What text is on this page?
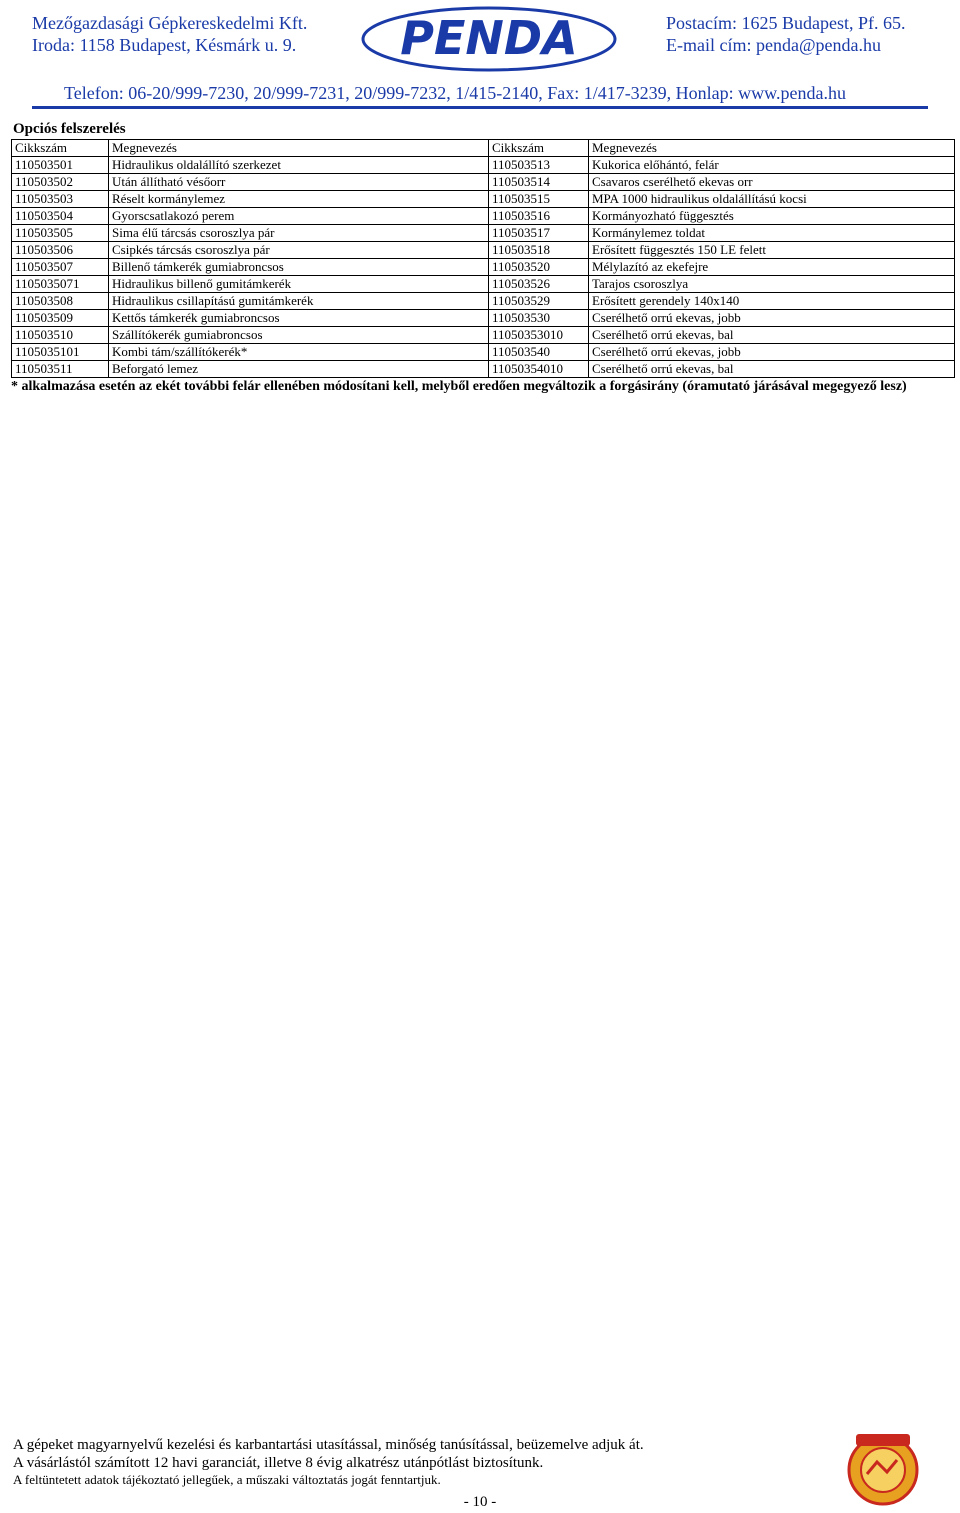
Mezőgazdasági Gépkereskedelmi Kft.
Iroda: 1158 Budapest, Késmárk u. 9. PENDA	Postacím: 1625 Budapest, Pf. 65.
E-mail cím: penda@penda.hu
Telefon: 06-20/999-7230, 20/999-7231, 20/999-7232, 1/415-2140, Fax: 1/417-3239, Honlap: www.penda.hu
Opciós felszerelés
Cikkszám	Megnevezés	Cikkszám	Megnevezés
110503501	Hidraulikus oldalállító szerkezet	110503513	Kukorica előhántó, felár
110503502	Után állítható vésőorr	110503514	Csavaros cserélhető ekevas orr
110503503	Réselt kormánylemez	110503515	MPA 1000 hidraulikus oldalállítású kocsi
110503504	Gyorscsatlakozó perem	110503516	Kormányozható függesztés
110503505	Sima élű tárcsás csoroszlya pár	110503517	Kormánylemez toldat
110503506	Csipkés tárcsás csoroszlya pár	110503518	Erősített függesztés 150 LE felett
110503507	Billenő támkerék gumiabroncsos	110503520	Mélylazító az ekefejre
1105035071	Hidraulikus billenő gumitámkerék	110503526	Tarajos csoroszlya
110503508	Hidraulikus csillapítású gumitámkerék	110503529	Erősített gerendely 140x140
110503509	Kettős támkerék gumiabroncsos	110503530	Cserélhető orrú ekevas, jobb
110503510	Szállítókerék gumiabroncsos	11050353010	Cserélhető orrú ekevas, bal
1105035101	Kombi tám/szállítókerék*	110503540	Cserélhető orrú ekevas, jobb
110503511	Beforgató lemez	11050354010	Cserélhető orrú ekevas, bal
* alkalmazása esetén az ekét további felár ellenében módosítani kell, melyből eredően megváltozik a forgásirány (óramutató járásával megegyező lesz)
A gépeket magyarnyelvű kezelési és karbantartási utasítással, minőség tanúsítással, beüzemelve adjuk át.
A vásárlástól számított 12 havi garanciát, illetve 8 évig alkatrész utánpótlást biztosítunk.
A feltüntetett adatok tájékoztató jellegűek, a műszaki változtatás jogát fenntartjuk.
- 10 -
